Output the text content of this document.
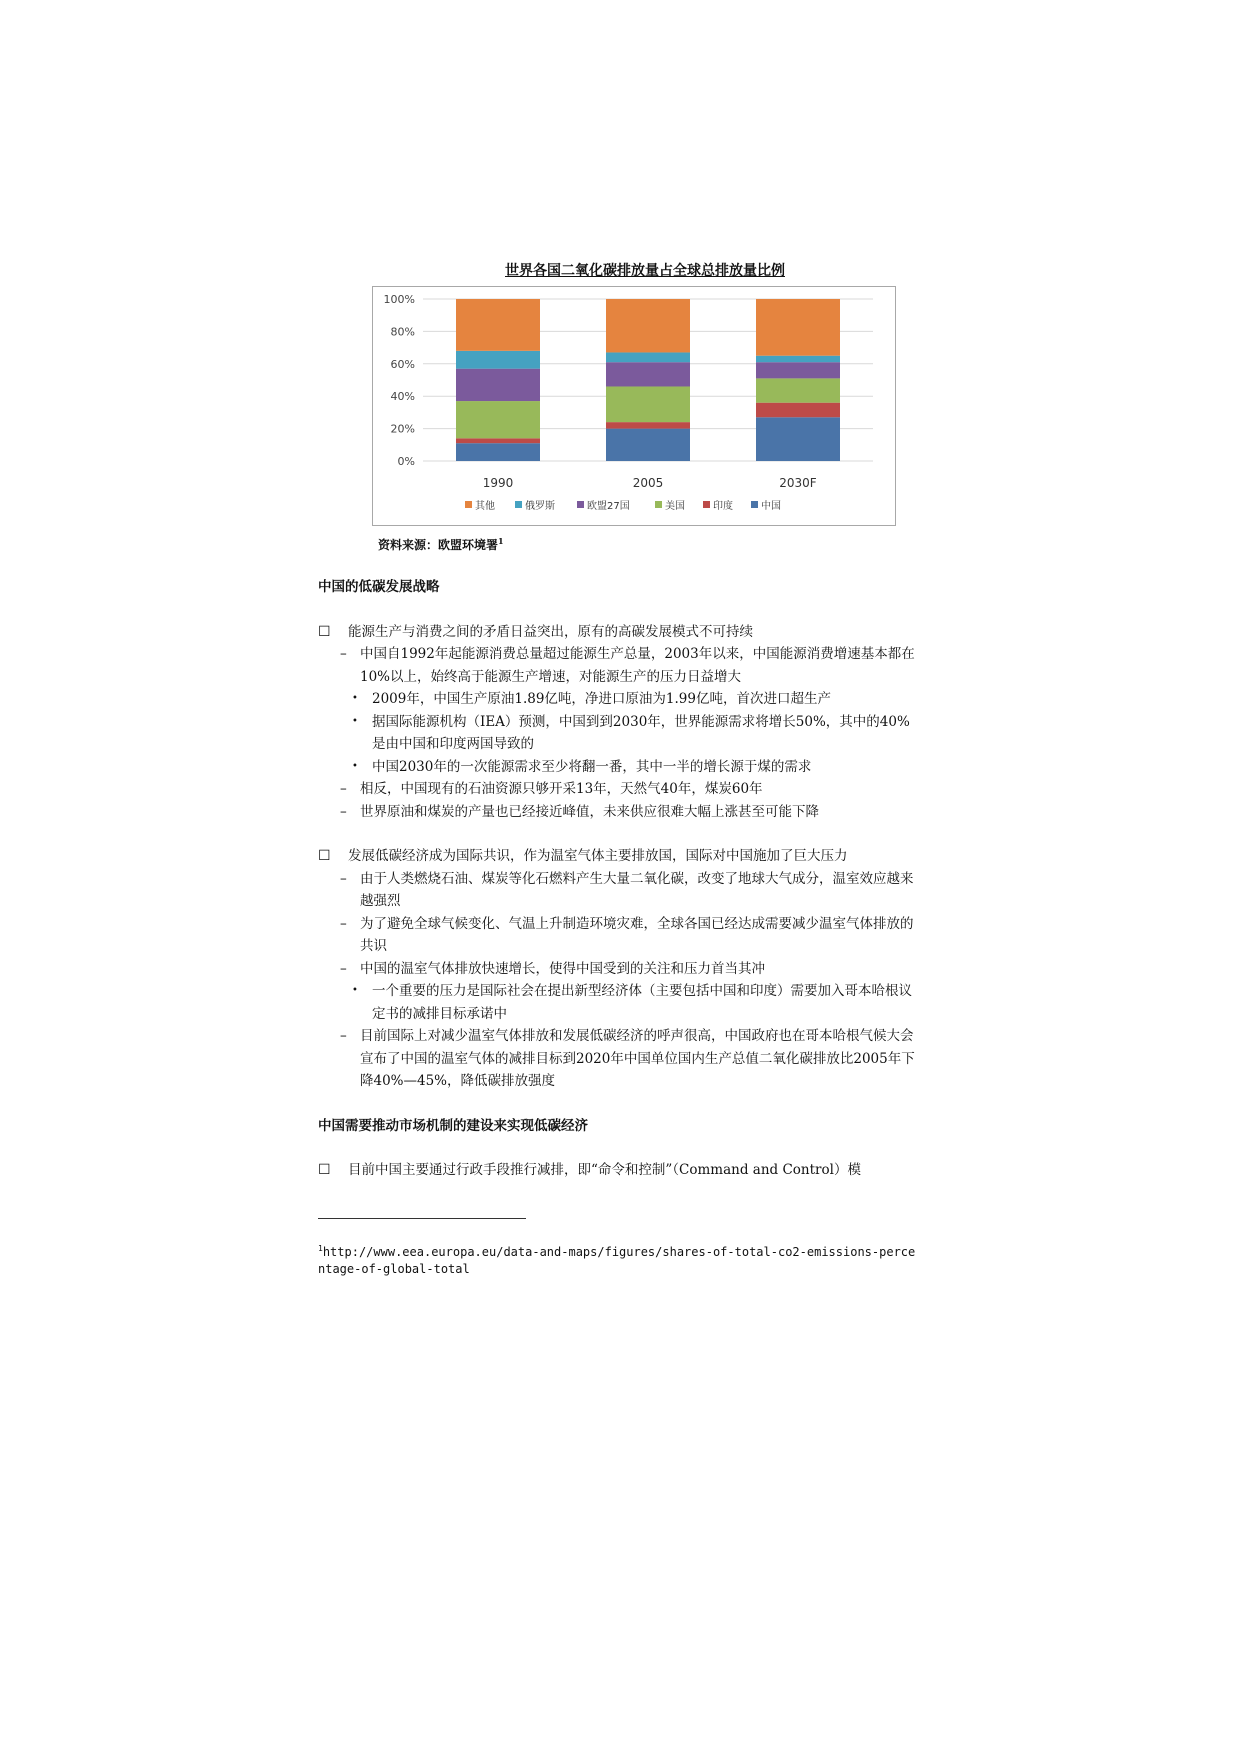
世界各国二氧化碳排放量占全球总排放量比例
0%
20%
40%
60%
80%
100%
1990	2005	2030F
其他	俄罗斯	欧盟27国	美国	印度	中国
资料来源：欧盟环境署$^1$

中国的低碳发展战略

☐ 能源生产与消费之间的矛盾日益突出，原有的高碳发展模式不可持续
– 中国自1992年起能源消费总量超过能源生产总量，2003年以来，中国能源消费增速基本都在10%以上，始终高于能源生产增速，对能源生产的压力日益增大
• 2009年，中国生产原油1.89亿吨，净进口原油为1.99亿吨，首次进口超生产
• 据国际能源机构（IEA）预测，中国到到2030年，世界能源需求将增长50%，其中的40%是由中国和印度两国导致的
• 中国2030年的一次能源需求至少将翻一番，其中一半的增长源于煤的需求
– 相反，中国现有的石油资源只够开采13年，天然气40年，煤炭60年
– 世界原油和煤炭的产量也已经接近峰值，未来供应很难大幅上涨甚至可能下降
☐ 发展低碳经济成为国际共识，作为温室气体主要排放国，国际对中国施加了巨大压力
– 由于人类燃烧石油、煤炭等化石燃料产生大量二氧化碳，改变了地球大气成分，温室效应越来越强烈
– 为了避免全球气候变化、气温上升制造环境灾难，全球各国已经达成需要减少温室气体排放的共识
– 中国的温室气体排放快速增长，使得中国受到的关注和压力首当其冲
• 一个重要的压力是国际社会在提出新型经济体（主要包括中国和印度）需要加入哥本哈根议定书的减排目标承诺中
– 目前国际上对减少温室气体排放和发展低碳经济的呼声很高，中国政府也在哥本哈根气候大会宣布了中国的温室气体的减排目标到2020年中国单位国内生产总值二氧化碳排放比2005年下降40%—45%，降低碳排放强度

中国需要推动市场机制的建设来实现低碳经济

☐ 目前中国主要通过行政手段推行减排，即“命令和控制”（Command and Control）模
$^1$http://www.eea.europa.eu/data-and-maps/figures/shares-of-total-co2-emissions-percentage-of-global-total
